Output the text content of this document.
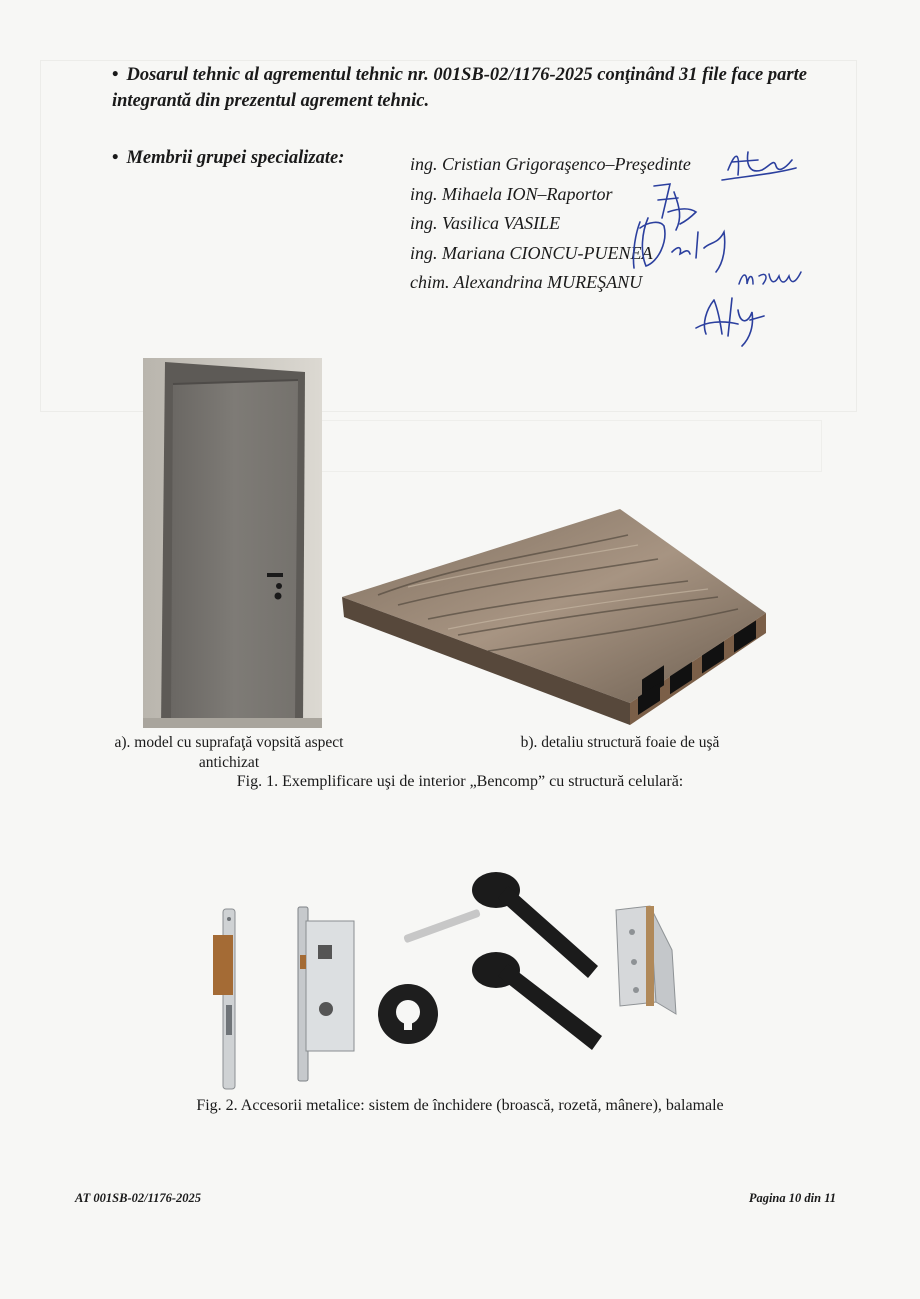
• Dosarul tehnic al agrementul tehnic nr. 001SB-02/1176-2025 conţinând 31 file face parte integrantă din prezentul agrement tehnic.
• Membrii grupei specializate:	ing. Cristian Grigoraşenco–Preşedinte
ing. Mihaela ION–Raportor
ing. Vasilica VASILE
ing. Mariana CIONCU-PUENEA
chim. Alexandrina MUREŞANU
a). model cu suprafaţă vopsită aspect antichizat
b). detaliu structură foaie de uşă
Fig. 1. Exemplificare uşi de interior „Bencomp” cu structură celulară:
Fig. 2. Accesorii metalice: sistem de închidere (broască, rozetă, mânere), balamale
AT 001SB-02/1176-2025	Pagina 10 din 11
